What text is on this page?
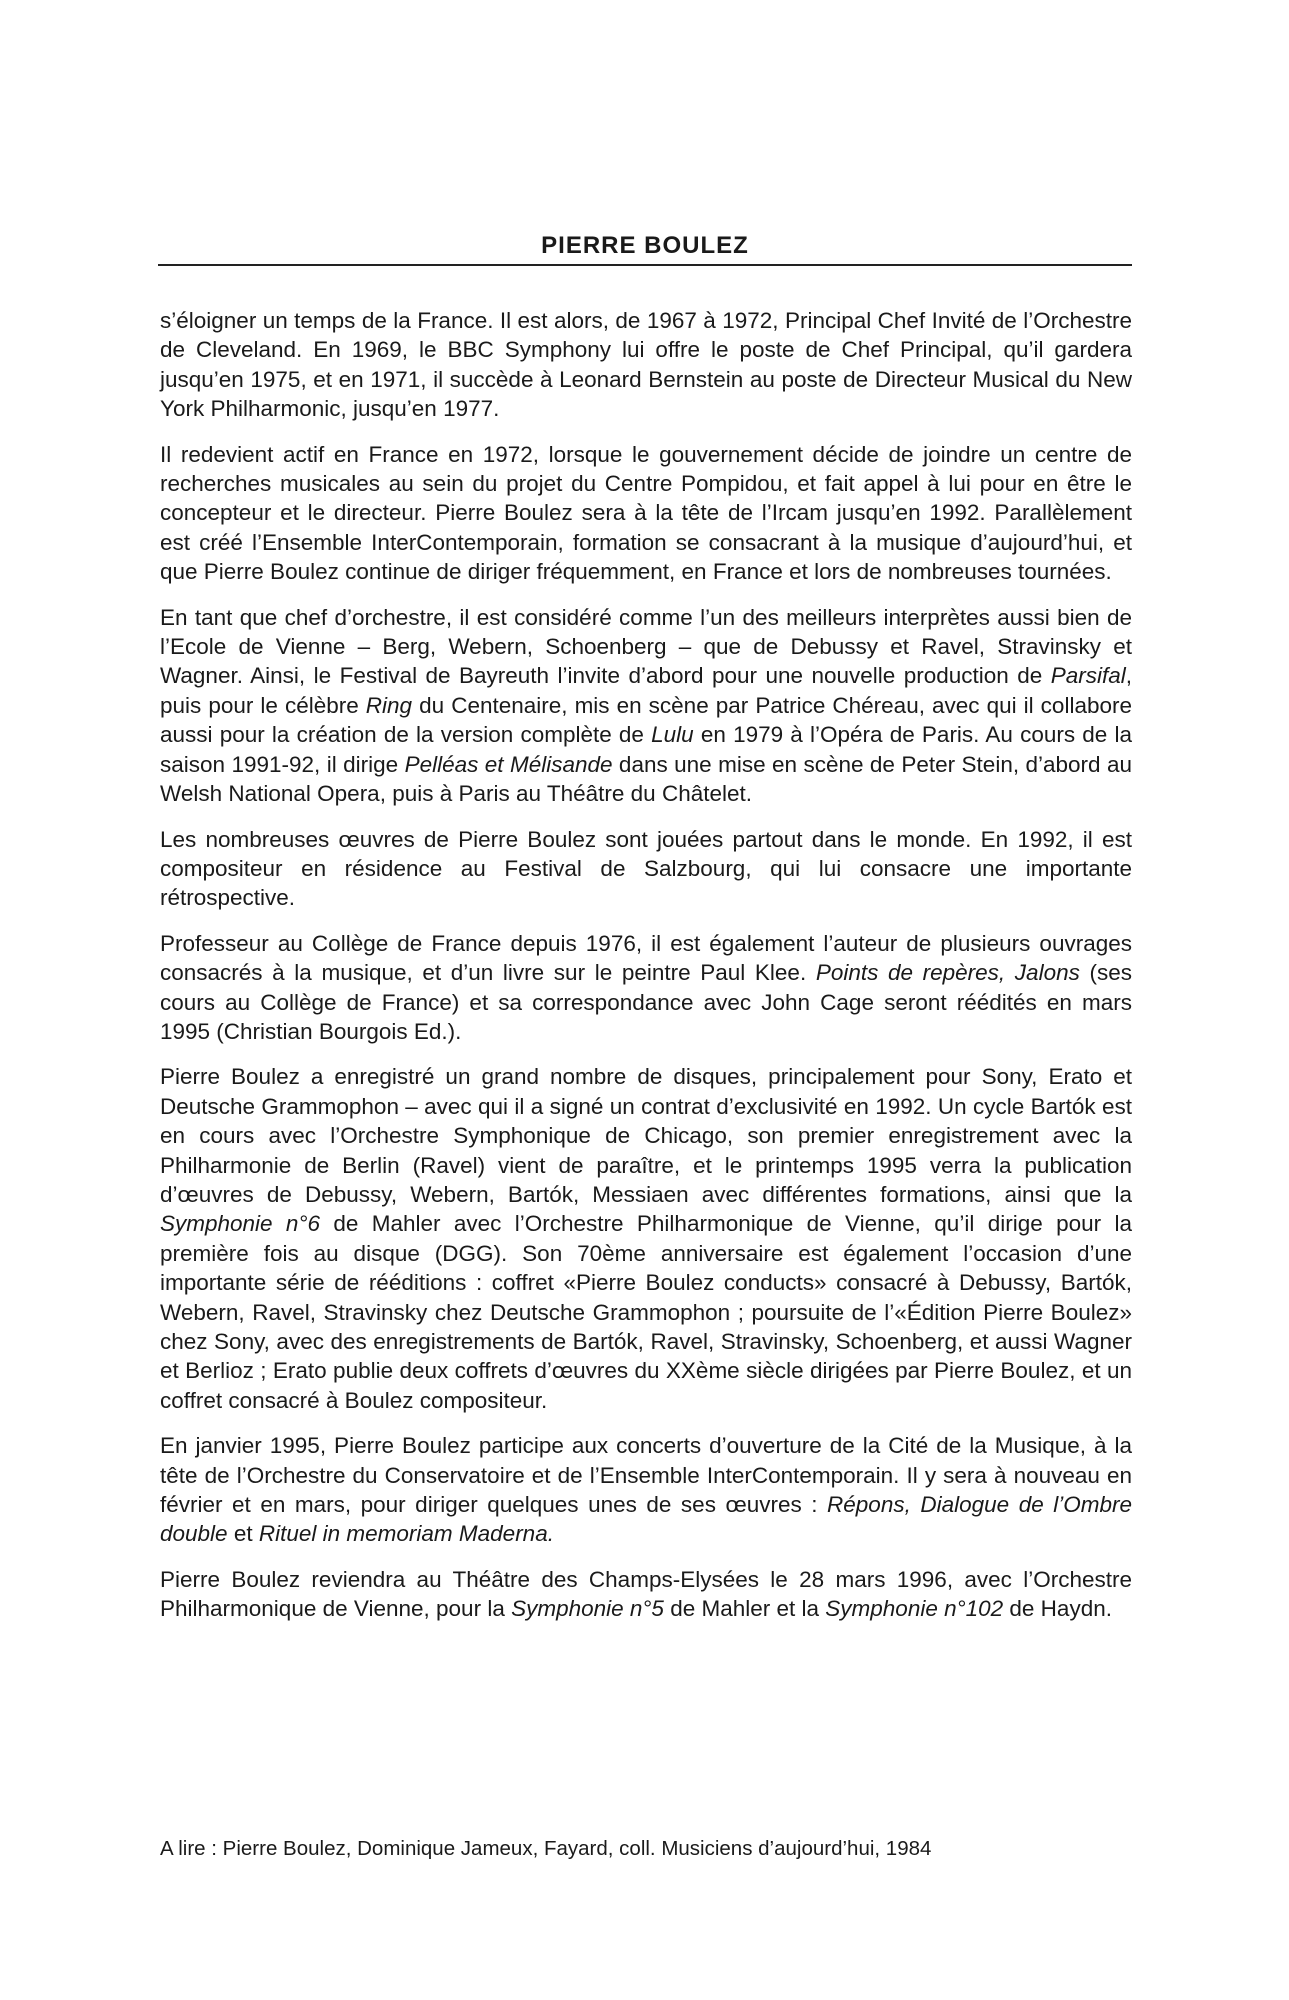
PIERRE BOULEZ

s’éloigner un temps de la France. Il est alors, de 1967 à 1972, Principal Chef Invité de l’Orchestre de Cleveland. En 1969, le BBC Symphony lui offre le poste de Chef Principal, qu’il gardera jusqu’en 1975, et en 1971, il succède à Leonard Bernstein au poste de Directeur Musical du New York Philharmonic, jusqu’en 1977.

Il redevient actif en France en 1972, lorsque le gouvernement décide de joindre un centre de recherches musicales au sein du projet du Centre Pompidou, et fait appel à lui pour en être le concepteur et le directeur. Pierre Boulez sera à la tête de l’Ircam jusqu’en 1992. Parallèlement est créé l’Ensemble InterContemporain, formation se consacrant à la musique d’aujourd’hui, et que Pierre Boulez continue de diriger fréquemment, en France et lors de nombreuses tournées.

En tant que chef d’orchestre, il est considéré comme l’un des meilleurs interprètes aussi bien de l’Ecole de Vienne – Berg, Webern, Schoenberg – que de Debussy et Ravel, Stravinsky et Wagner. Ainsi, le Festival de Bayreuth l’invite d’abord pour une nouvelle production de Parsifal, puis pour le célèbre Ring du Centenaire, mis en scène par Patrice Chéreau, avec qui il collabore aussi pour la création de la version complète de Lulu en 1979 à l’Opéra de Paris. Au cours de la saison 1991-92, il dirige Pelléas et Mélisande dans une mise en scène de Peter Stein, d’abord au Welsh National Opera, puis à Paris au Théâtre du Châtelet.

Les nombreuses œuvres de Pierre Boulez sont jouées partout dans le monde. En 1992, il est compositeur en résidence au Festival de Salzbourg, qui lui consacre une importante rétrospective.

Professeur au Collège de France depuis 1976, il est également l’auteur de plusieurs ouvrages consacrés à la musique, et d’un livre sur le peintre Paul Klee. Points de repères, Jalons (ses cours au Collège de France) et sa correspondance avec John Cage seront réédités en mars 1995 (Christian Bourgois Ed.).

Pierre Boulez a enregistré un grand nombre de disques, principalement pour Sony, Erato et Deutsche Grammophon – avec qui il a signé un contrat d’exclusivité en 1992. Un cycle Bartók est en cours avec l’Orchestre Symphonique de Chicago, son premier enregistrement avec la Philharmonie de Berlin (Ravel) vient de paraître, et le printemps 1995 verra la publication d’œuvres de Debussy, Webern, Bartók, Messiaen avec différentes formations, ainsi que la Symphonie n°6 de Mahler avec l’Orchestre Philharmonique de Vienne, qu’il dirige pour la première fois au disque (DGG). Son 70ème anniversaire est également l’occasion d’une importante série de rééditions : coffret «Pierre Boulez conducts» consacré à Debussy, Bartók, Webern, Ravel, Stravinsky chez Deutsche Grammophon ; poursuite de l’«Édition Pierre Boulez» chez Sony, avec des enregistrements de Bartók, Ravel, Stravinsky, Schoenberg, et aussi Wagner et Berlioz ; Erato publie deux coffrets d’œuvres du XXème siècle dirigées par Pierre Boulez, et un coffret consacré à Boulez compositeur.

En janvier 1995, Pierre Boulez participe aux concerts d’ouverture de la Cité de la Musique, à la tête de l’Orchestre du Conservatoire et de l’Ensemble InterContemporain. Il y sera à nouveau en février et en mars, pour diriger quelques unes de ses œuvres : Répons, Dialogue de l’Ombre double et Rituel in memoriam Maderna.

Pierre Boulez reviendra au Théâtre des Champs-Elysées le 28 mars 1996, avec l’Orchestre Philharmonique de Vienne, pour la Symphonie n°5 de Mahler et la Symphonie n°102 de Haydn.

A lire : Pierre Boulez, Dominique Jameux, Fayard, coll. Musiciens d’aujourd’hui, 1984
